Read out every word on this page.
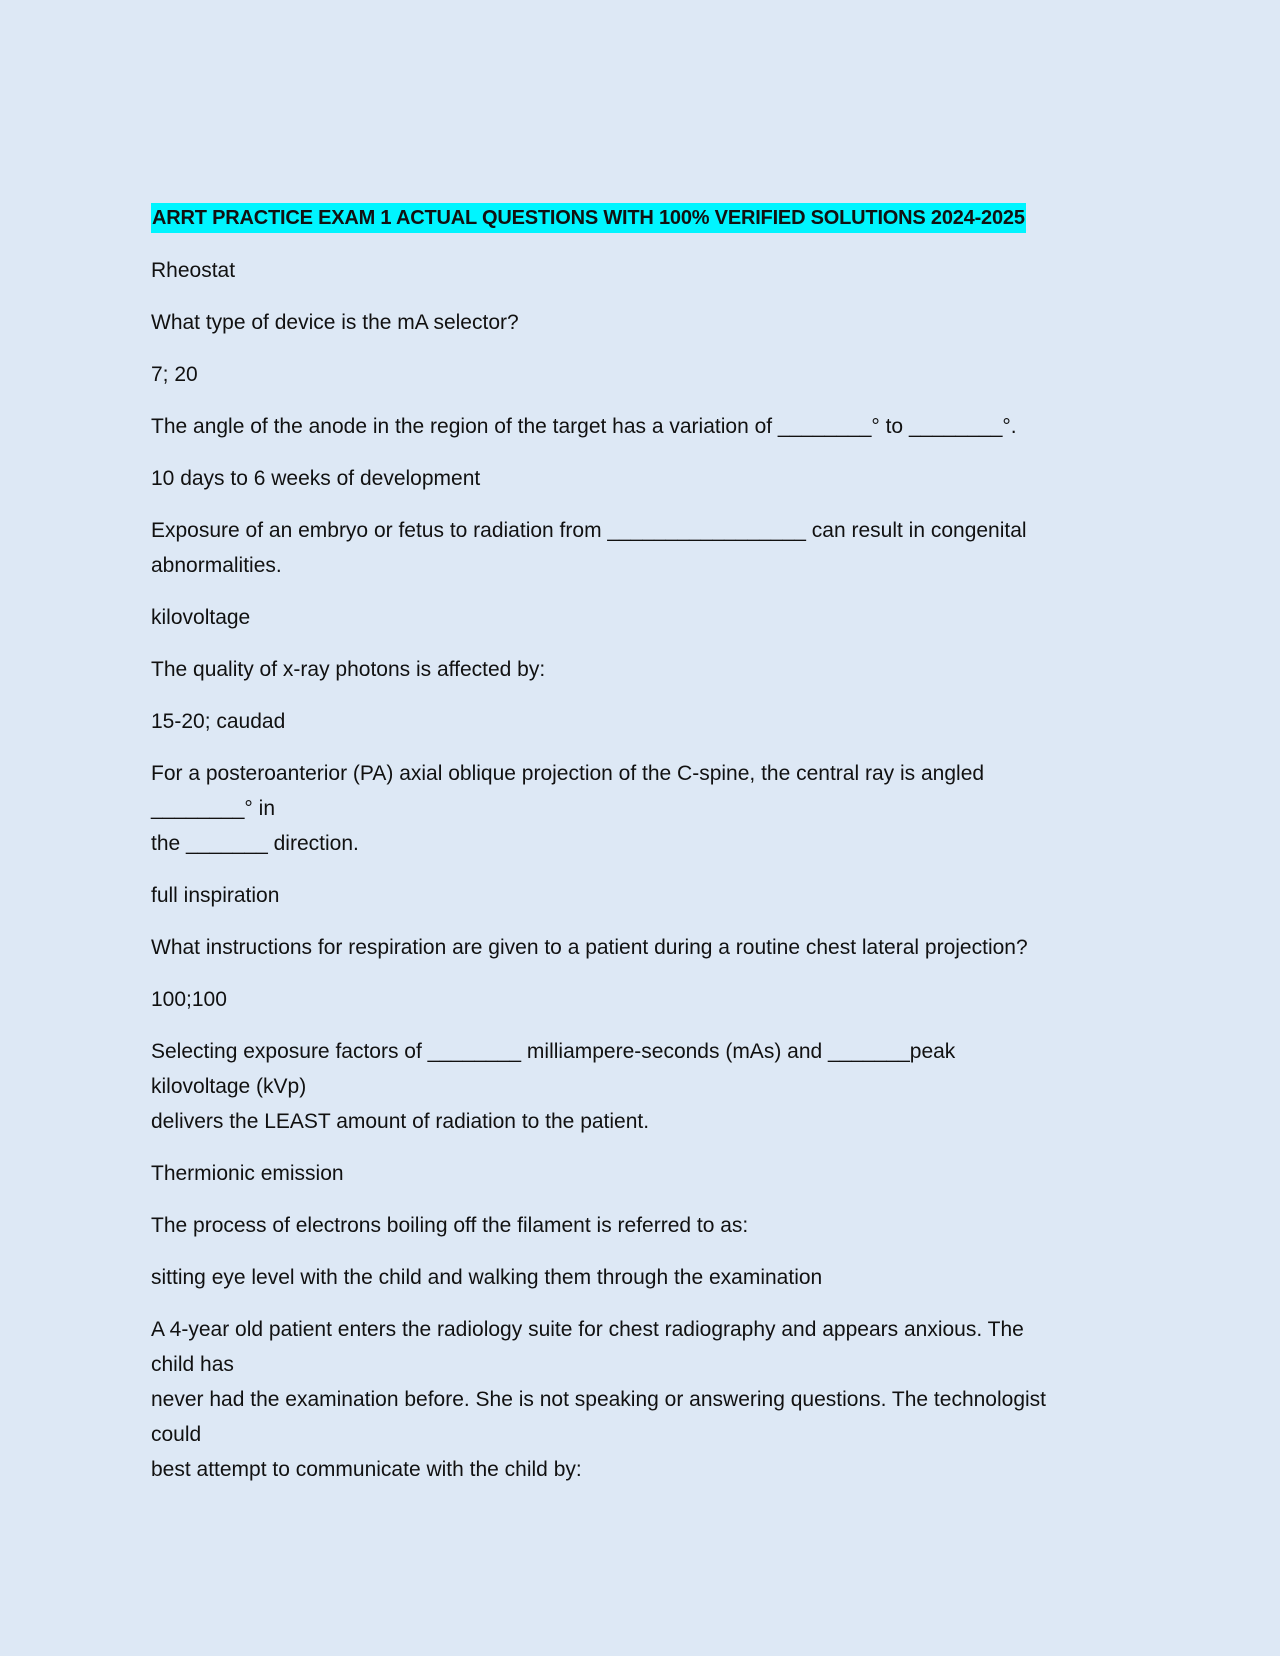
ARRT PRACTICE EXAM 1 ACTUAL QUESTIONS WITH 100% VERIFIED SOLUTIONS 2024-2025
Rheostat
What type of device is the mA selector?
7; 20
The angle of the anode in the region of the target has a variation of ________° to ________°.
10 days to 6 weeks of development
Exposure of an embryo or fetus to radiation from _________________ can result in congenital
abnormalities.
kilovoltage
The quality of x-ray photons is affected by:
15-20; caudad
For a posteroanterior (PA) axial oblique projection of the C-spine, the central ray is angled
________° in
the _______ direction.
full inspiration
What instructions for respiration are given to a patient during a routine chest lateral projection?
100;100
Selecting exposure factors of ________ milliampere-seconds (mAs) and _______peak
kilovoltage (kVp)
delivers the LEAST amount of radiation to the patient.
Thermionic emission
The process of electrons boiling off the filament is referred to as:
sitting eye level with the child and walking them through the examination
A 4-year old patient enters the radiology suite for chest radiography and appears anxious. The
child has
never had the examination before. She is not speaking or answering questions. The technologist
could
best attempt to communicate with the child by:
